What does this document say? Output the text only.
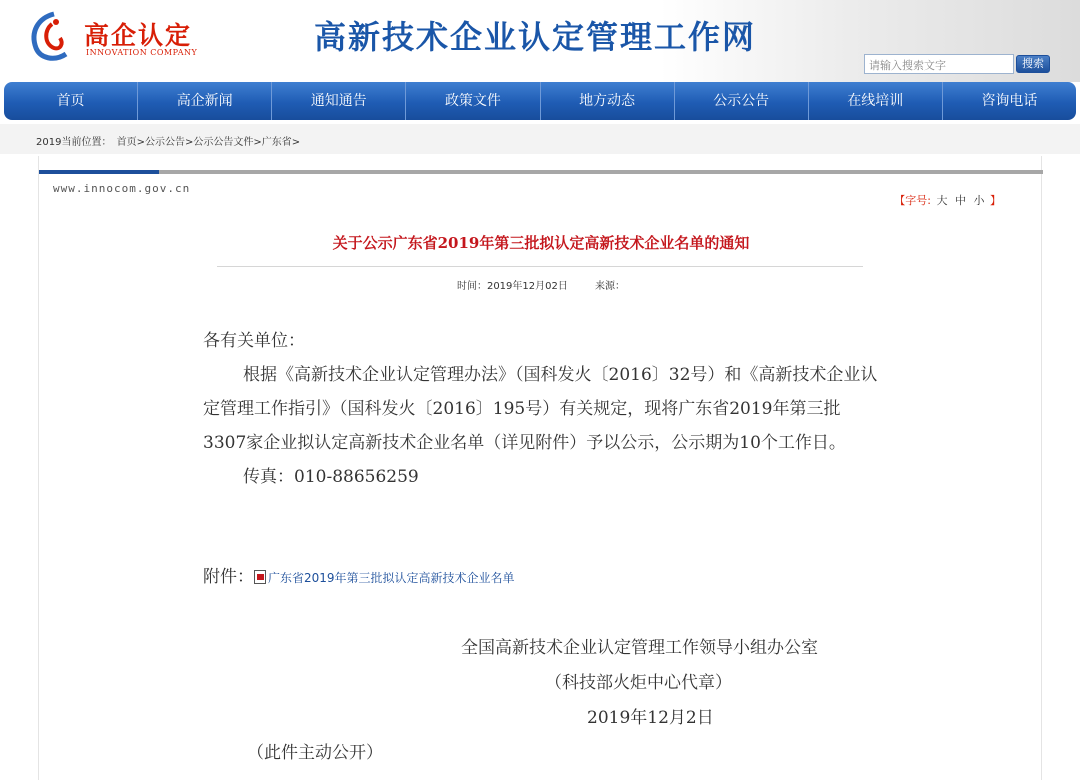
高企认定
INNOVATION COMPANY	高新技术企业认定管理工作网
请输入搜索文字	搜索
首页	高企新闻	通知通告	政策文件	地方动态	公示公告	在线培训	咨询电话
2019当前位置： 首页>公示公告>公示公告文件>广东省>
www.innocom.gov.cn
【字号: 大 中 小 】
关于公示广东省2019年第三批拟认定高新技术企业名单的通知
时间：2019年12月02日	来源：
各有关单位：
根据《高新技术企业认定管理办法》（国科发火〔2016〕32号）和《高新技术企业认定管理工作指引》（国科发火〔2016〕195号）有关规定，现将广东省2019年第三批3307家企业拟认定高新技术企业名单（详见附件）予以公示，公示期为10个工作日。
传真：010-88656259
附件： 广东省2019年第三批拟认定高新技术企业名单
全国高新技术企业认定管理工作领导小组办公室
（科技部火炬中心代章）
2019年12月2日
（此件主动公开）
